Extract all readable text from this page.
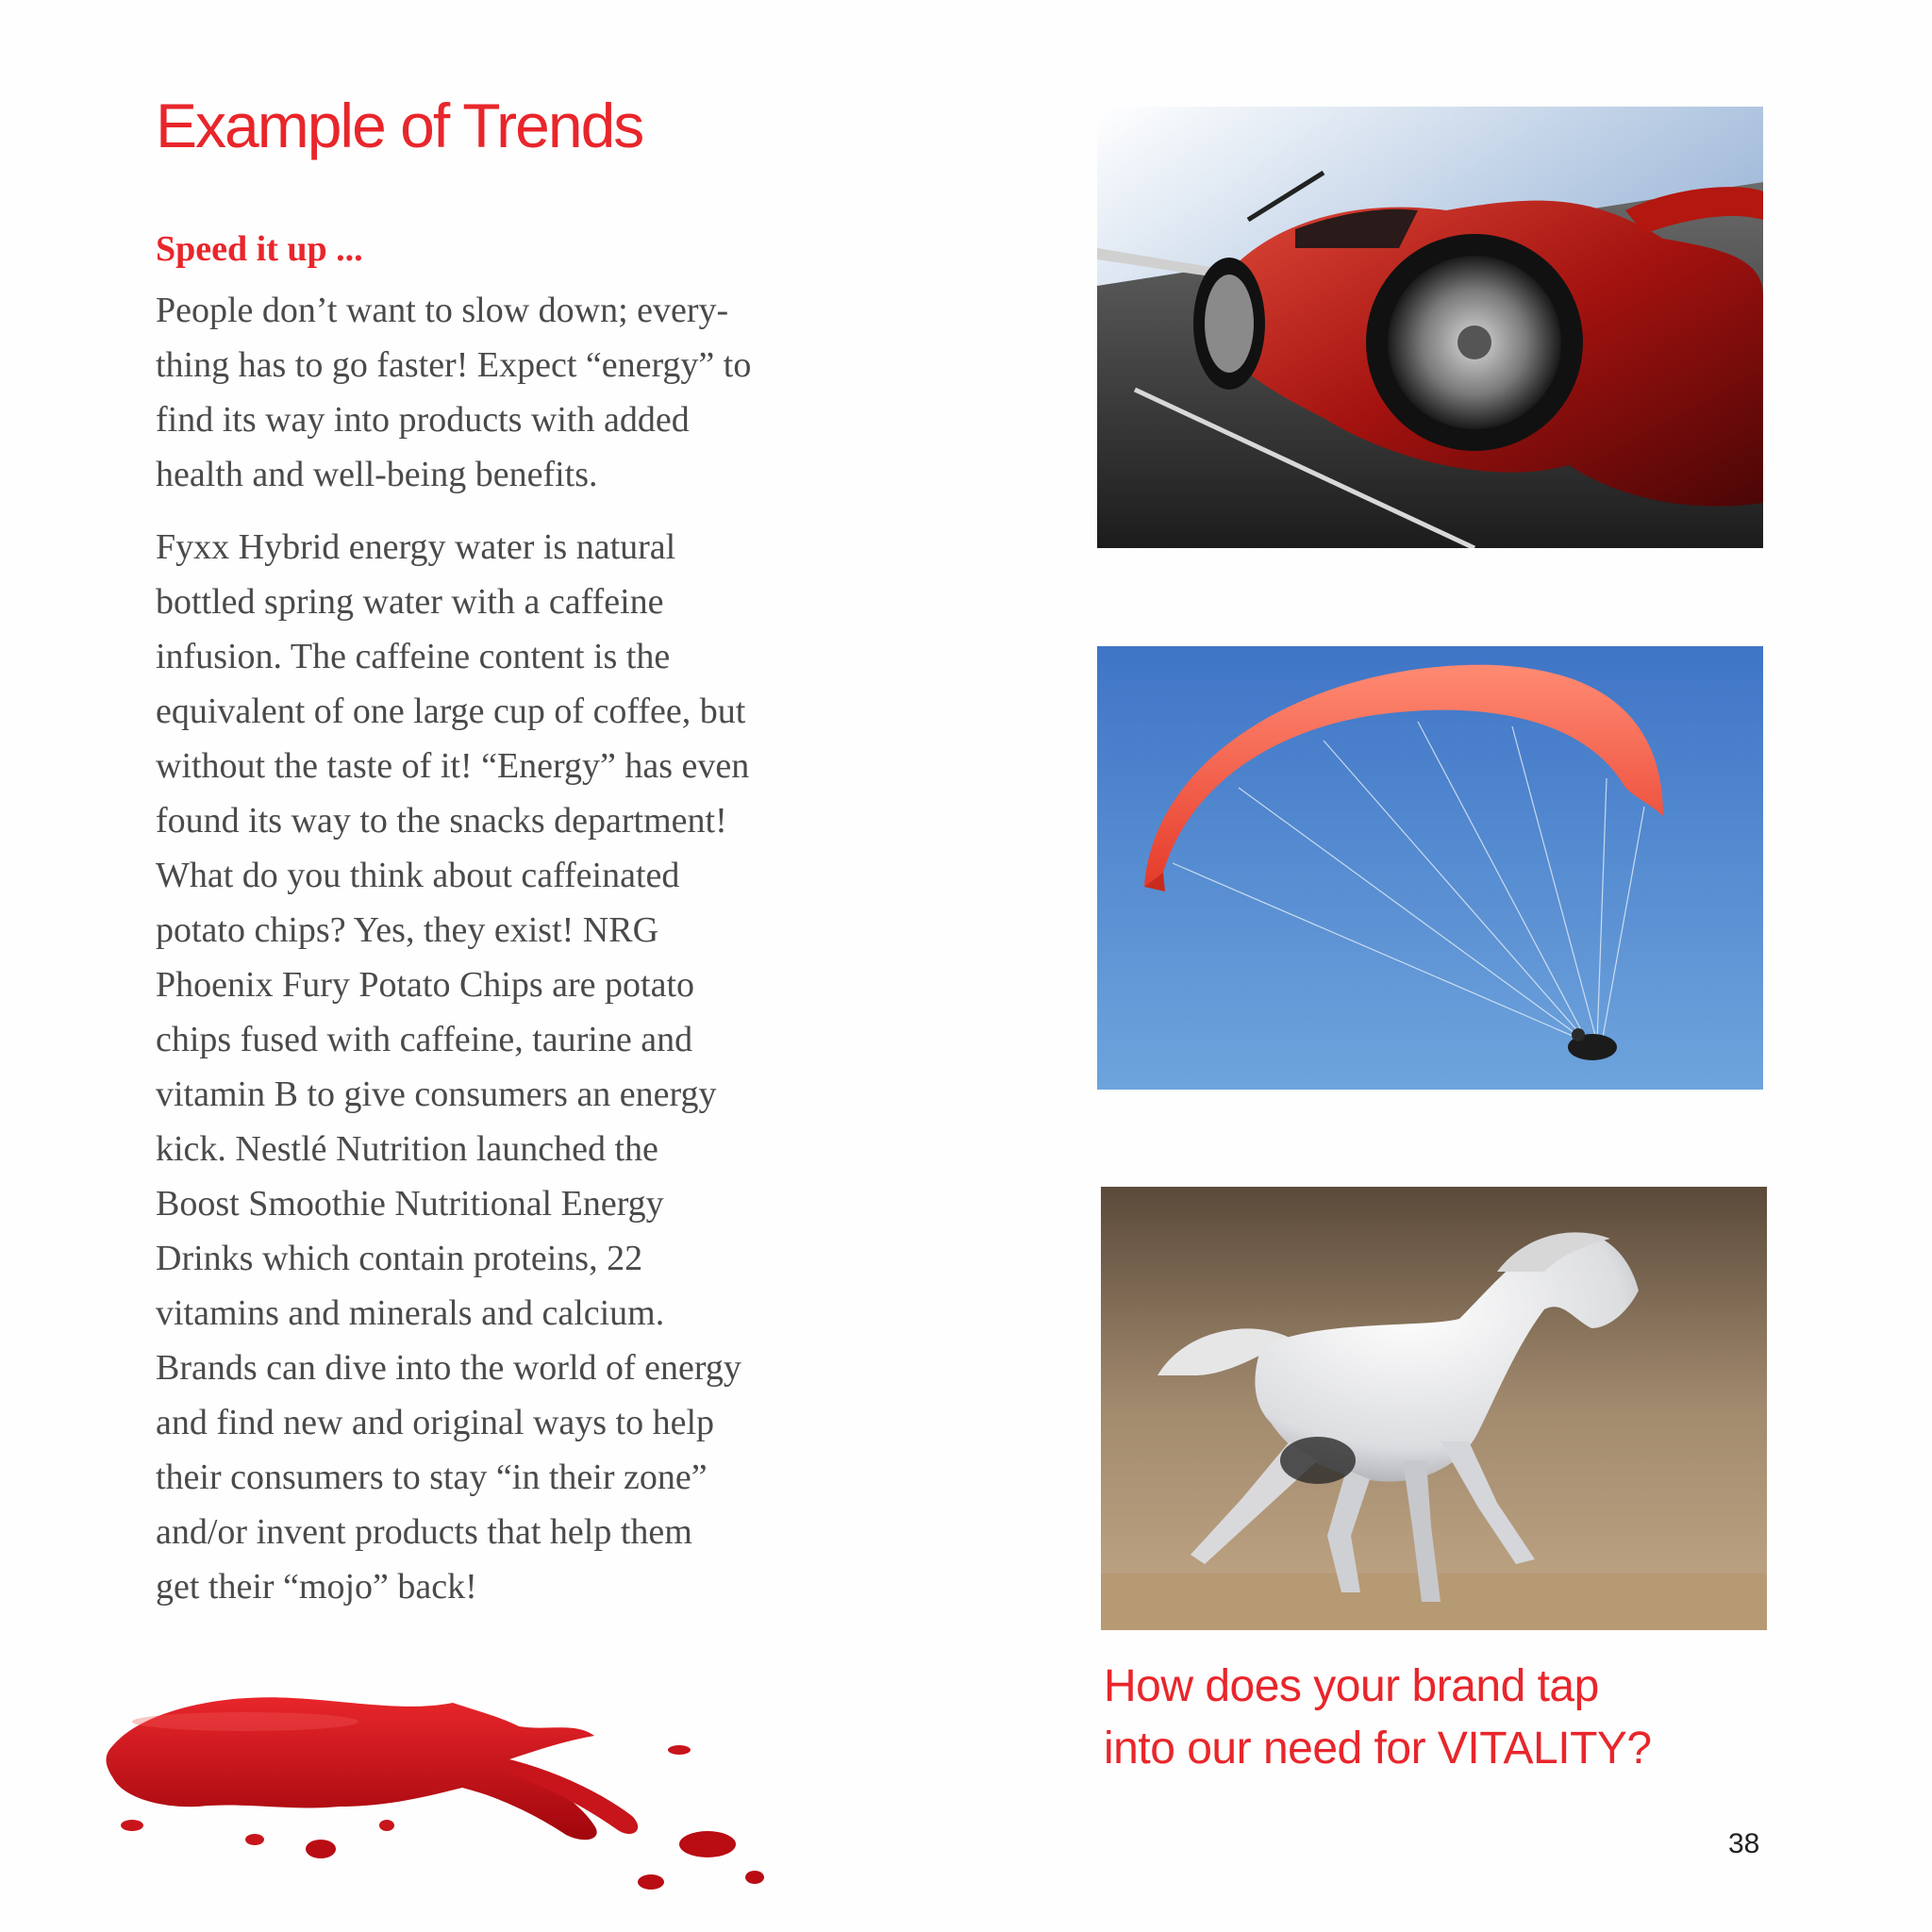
Example of Trends
Speed it up ...
People don’t want to slow down; every-
thing has to go faster! Expect “energy” to
find its way into products with added
health and well-being benefits.
Fyxx Hybrid energy water is natural
bottled spring water with a caffeine
infusion. The caffeine content is the
equivalent of one large cup of coffee, but
without the taste of it! “Energy” has even
found its way to the snacks department!
What do you think about caffeinated
potato chips? Yes, they exist! NRG
Phoenix Fury Potato Chips are potato
chips fused with caffeine, taurine and
vitamin B to give consumers an energy
kick. Nestlé Nutrition launched the
Boost Smoothie Nutritional Energy
Drinks which contain proteins, 22
vitamins and minerals and calcium.
Brands can dive into the world of energy
and find new and original ways to help
their consumers to stay “in their zone”
and/or invent products that help them
get their “mojo” back!
How does your brand tap
into our need for VITALITY?
38
